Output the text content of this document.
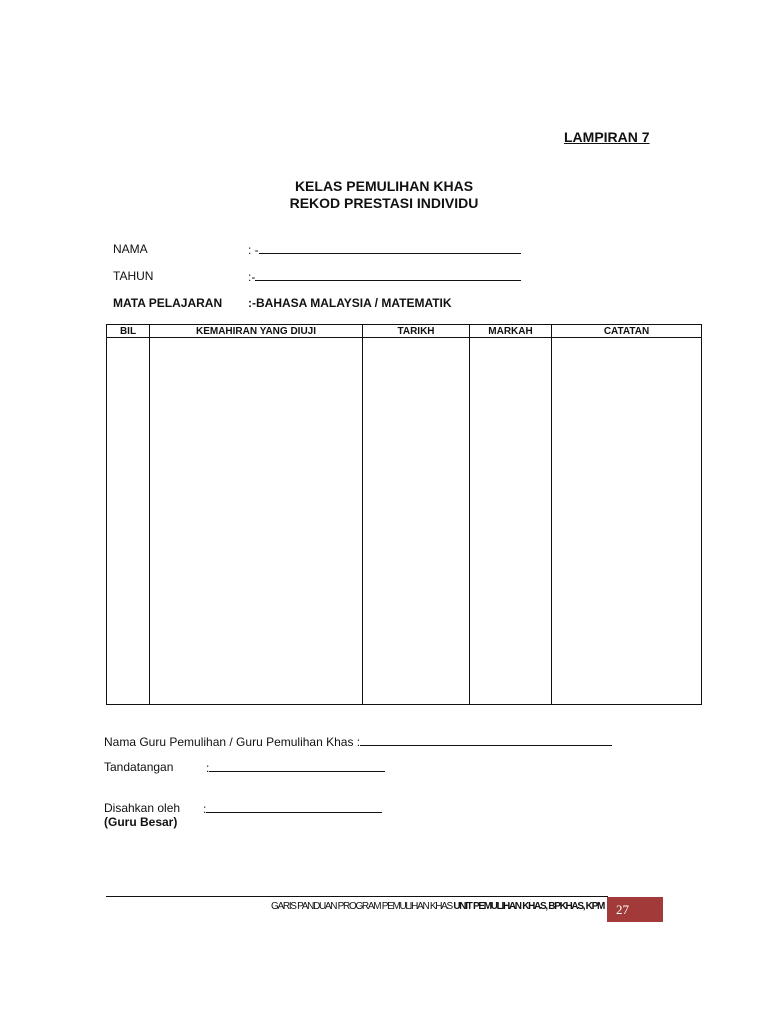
LAMPIRAN 7
KELAS PEMULIHAN KHAS
REKOD PRESTASI INDIVIDU
NAMA	: -
TAHUN	:-
MATA PELAJARAN :-BAHASA MALAYSIA / MATEMATIK
BIL	KEMAHIRAN YANG DIUJI	TARIKH	MARKAH	CATATAN

Nama Guru Pemulihan / Guru Pemulihan Khas :
Tandatangan	:
Disahkan oleh :
(Guru Besar)
GARIS PANDUAN PROGRAM PEMULIHAN KHAS UNIT PEMULIHAN KHAS, BPKHAS, KPM 27
